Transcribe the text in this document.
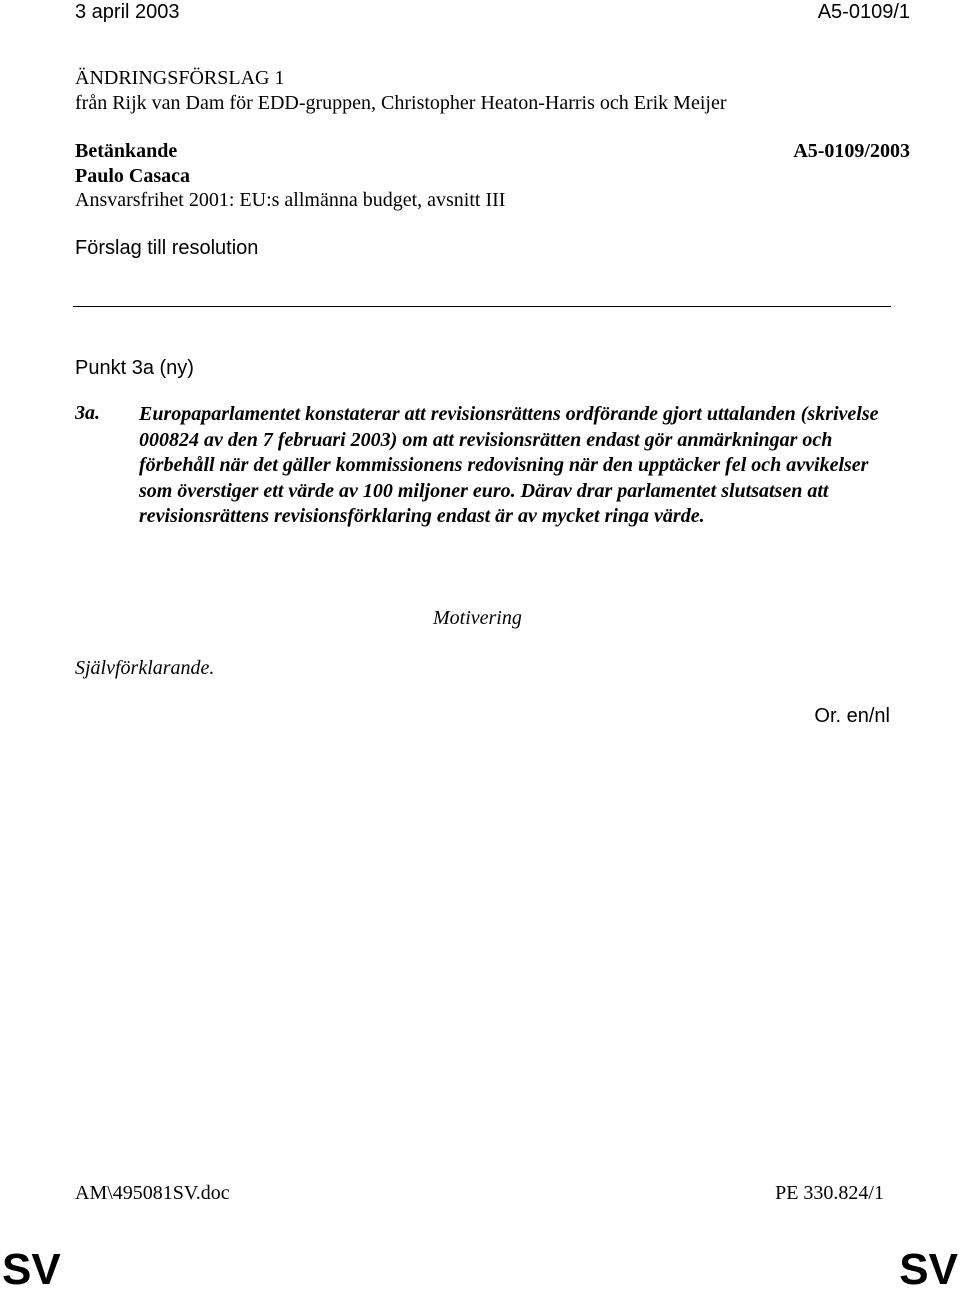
3 april 2003	A5-0109/1
ÄNDRINGSFÖRSLAG 1
från Rijk van Dam för EDD-gruppen, Christopher Heaton-Harris och Erik Meijer
Betänkande	A5-0109/2003
Paulo Casaca
Ansvarsfrihet 2001: EU:s allmänna budget, avsnitt III
Förslag till resolution
Punkt 3a (ny)
3a. Europaparlamentet konstaterar att revisionsrättens ordförande gjort uttalanden (skrivelse 000824 av den 7 februari 2003) om att revisionsrätten endast gör anmärkningar och förbehåll när det gäller kommissionens redovisning när den upptäcker fel och avvikelser som överstiger ett värde av 100 miljoner euro. Därav drar parlamentet slutsatsen att revisionsrättens revisionsförklaring endast är av mycket ringa värde.
Motivering
Självförklarande.
Or. en/nl
AM\495081SV.doc	PE 330.824/1
SV	SV
